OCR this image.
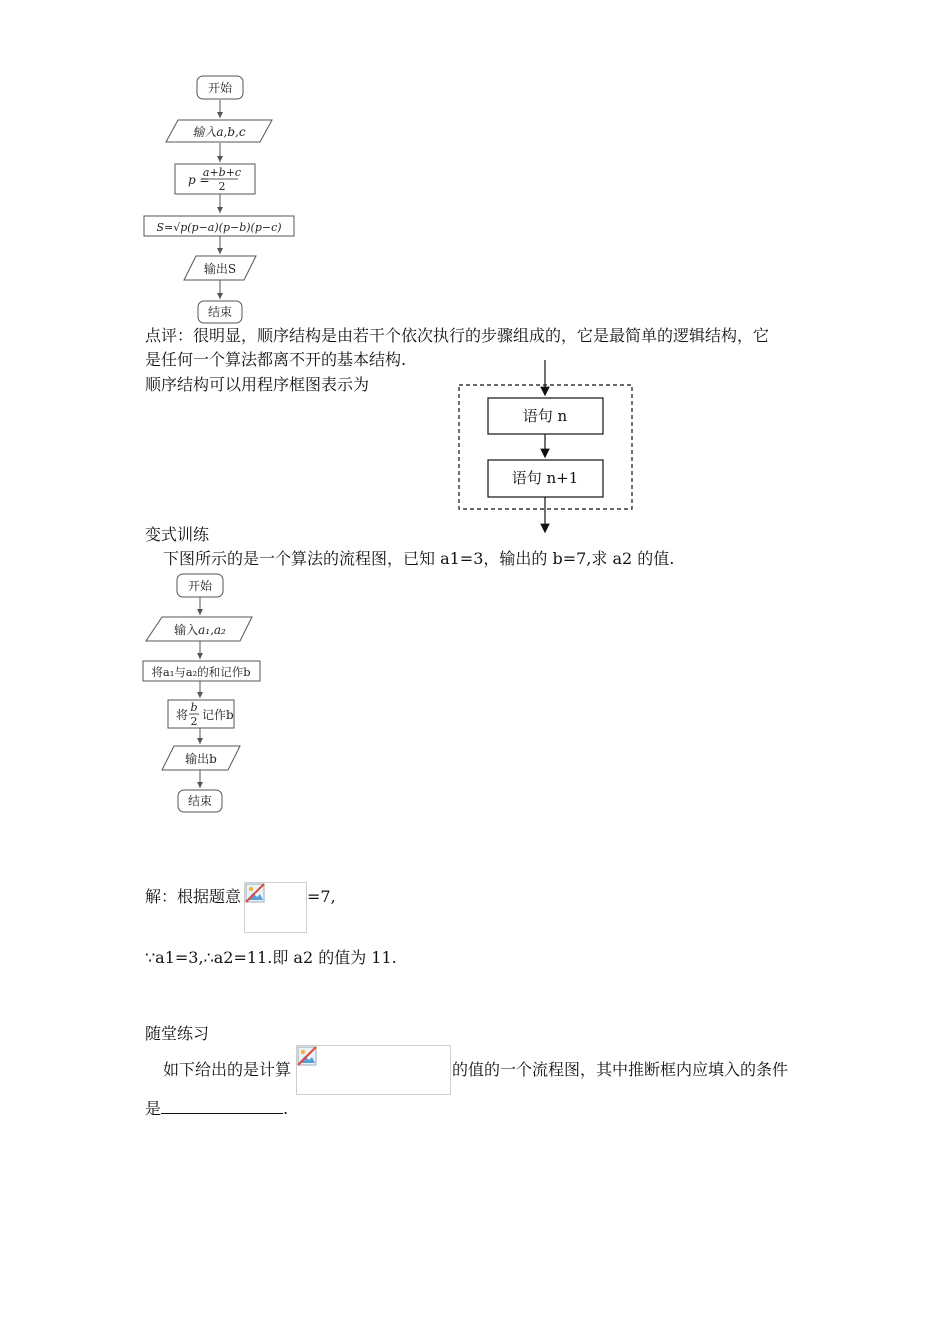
开始
输入a,b,c
p =
a+b+c
2
S=√p(p−a)(p−b)(p−c)
输出S
结束
点评：很明显，顺序结构是由若干个依次执行的步骤组成的，它是最简单的逻辑结构，它
是任何一个算法都离不开的基本结构.
顺序结构可以用程序框图表示为
语句 n
语句 n+1
变式训练
下图所示的是一个算法的流程图，已知 a1=3，输出的 b=7,求 a2 的值.
开始
输入a₁,a₂
将a₁与a₂的和记作b
将
b
2 记作b
输出b
结束
解：根据题意	=7,
∵a1=3,∴a2=11.即 a2 的值为 11.
随堂练习
如下给出的是计算	的值的一个流程图，其中推断框内应填入的条件
是	.
